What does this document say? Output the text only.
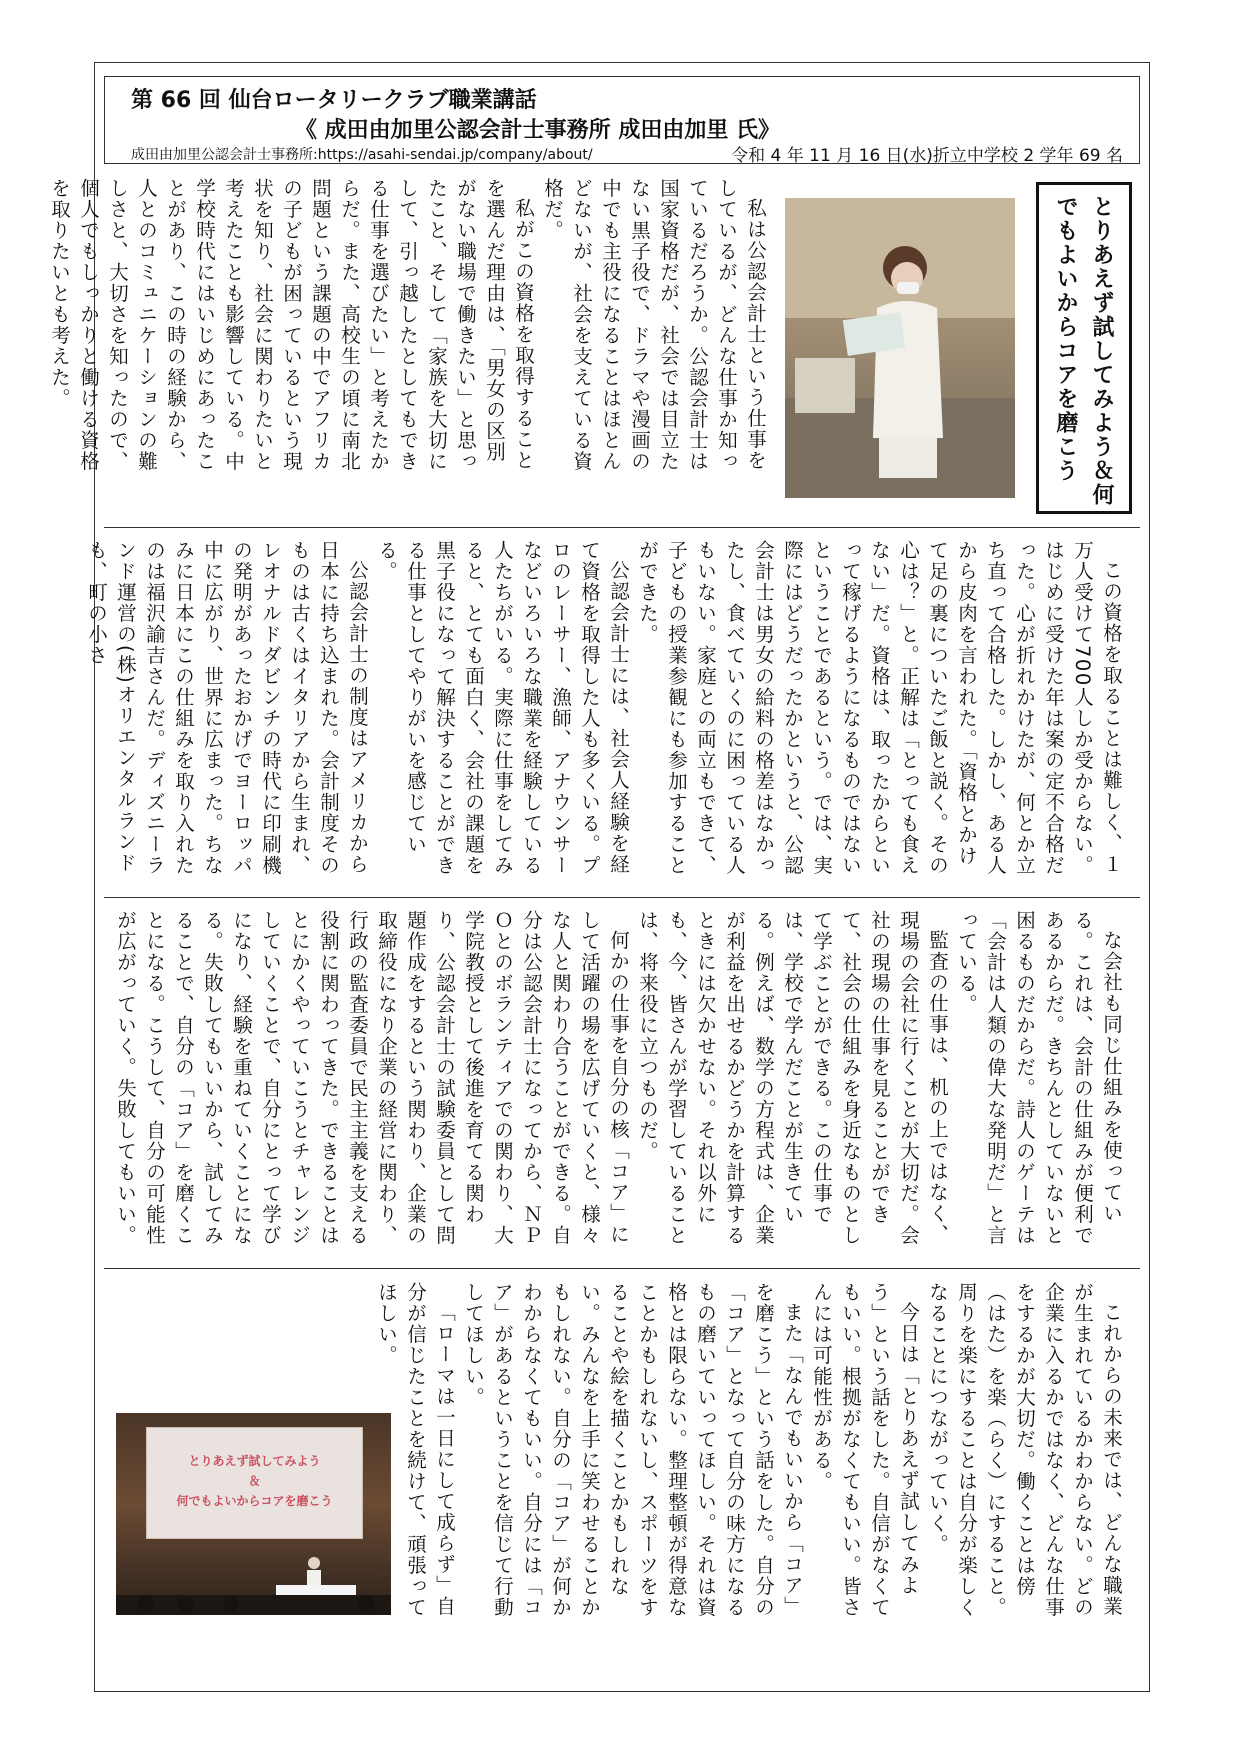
第 66 回 仙台ロータリークラブ職業講話
《 成田由加里公認会計士事務所 成田由加里 氏》
成田由加里公認会計士事務所:https://asahi-sendai.jp/company/about/	令和 4 年 11 月 16 日(水)折立中学校 2 学年 69 名

私は公認会計士という仕事をしているが、どんな仕事か知っているだろうか。公認会計士は国家資格だが、社会では目立たない黒子役で、ドラマや漫画の中でも主役になることはほとんどないが、社会を支えている資格だ。

私がこの資格を取得することを選んだ理由は、「男女の区別がない職場で働きたい」と思ったこと、そして「家族を大切にして、引っ越したとしてもできる仕事を選びたい」と考えたからだ。また、高校生の頃に南北問題という課題の中でアフリカの子どもが困っているという現状を知り、社会に関わりたいと考えたことも影響している。中学校時代にはいじめにあったことがあり、この時の経験から、人とのコミュニケーションの難しさと、大切さを知ったので、個人でもしっかりと働ける資格を取りたいとも考えた。	とりあえず試してみよう＆何でもよいからコアを磨こう

この資格を取ることは難しく、１万人受けて700人しか受からない。はじめに受けた年は案の定不合格だった。心が折れかけたが、何とか立ち直って合格した。しかし、ある人から皮肉を言われた。「資格とかけて足の裏についたご飯と説く。その心は？」と。正解は「とっても食えない」だ。資格は、取ったからといって稼げるようになるものではないということであるという。では、実際にはどうだったかというと、公認会計士は男女の給料の格差はなかったし、食べていくのに困っている人もいない。家庭との両立もできて、子どもの授業参観にも参加することができた。

公認会計士には、社会人経験を経て資格を取得した人も多くいる。プロのレーサー、漁師、アナウンサーなどいろいろな職業を経験している人たちがいる。実際に仕事をしてみると、とても面白く、会社の課題を黒子役になって解決することができる仕事としてやりがいを感じている。

公認会計士の制度はアメリカから日本に持ち込まれた。会計制度そのものは古くはイタリアから生まれ、レオナルドダビンチの時代に印刷機の発明があったおかげでヨーロッパ中に広がり、世界に広まった。ちなみに日本にこの仕組みを取り入れたのは福沢諭吉さんだ。ディズニーランド運営の(株)オリエンタルランドも、町の小さ

な会社も同じ仕組みを使っている。これは、会計の仕組みが便利であるからだ。きちんとしていないと困るものだからだ。詩人のゲーテは「会計は人類の偉大な発明だ」と言っている。

監査の仕事は、机の上ではなく、現場の会社に行くことが大切だ。会社の現場の仕事を見ることができて、社会の仕組みを身近なものとして学ぶことができる。この仕事では、学校で学んだことが生きている。例えば、数学の方程式は、企業が利益を出せるかどうかを計算するときには欠かせない。それ以外にも、今、皆さんが学習していることは、将来役に立つものだ。

何かの仕事を自分の核「コア」にして活躍の場を広げていくと、様々な人と関わり合うことができる。自分は公認会計士になってから、ＮＰＯとのボランティアでの関わり、大学院教授として後進を育てる関わり、公認会計士の試験委員として問題作成をするという関わり、企業の取締役になり企業の経営に関わり、行政の監査委員で民主主義を支える役割に関わってきた。できることはとにかくやっていこうとチャレンジしていくことで、自分にとって学びになり、経験を重ねていくことになる。失敗してもいいから、試してみることで、自分の「コア」を磨くことになる。こうして、自分の可能性が広がっていく。失敗してもいい。

これからの未来では、どんな職業が生まれているかわからない。どの企業に入るかではなく、どんな仕事をするかが大切だ。働くことは傍（はた）を楽（らく）にすること。周りを楽にすることは自分が楽しくなることにつながっていく。

今日は「とりあえず試してみよう」という話をした。自信がなくてもいい。根拠がなくてもいい。皆さんには可能性がある。

また「なんでもいいから「コア」を磨こう」という話をした。自分の「コア」となって自分の味方になるもの磨いていってほしい。それは資格とは限らない。整理整頓が得意なことかもしれないし、スポーツをすることや絵を描くことかもしれない。みんなを上手に笑わせることかもしれない。自分の「コア」が何かわからなくてもいい。自分には「コア」があるということを信じて行動してほしい。

「ローマは一日にして成らず」自分が信じたことを続けて、頑張ってほしい。

とりあえず試してみよう
＆
何でもよいからコアを磨こう
